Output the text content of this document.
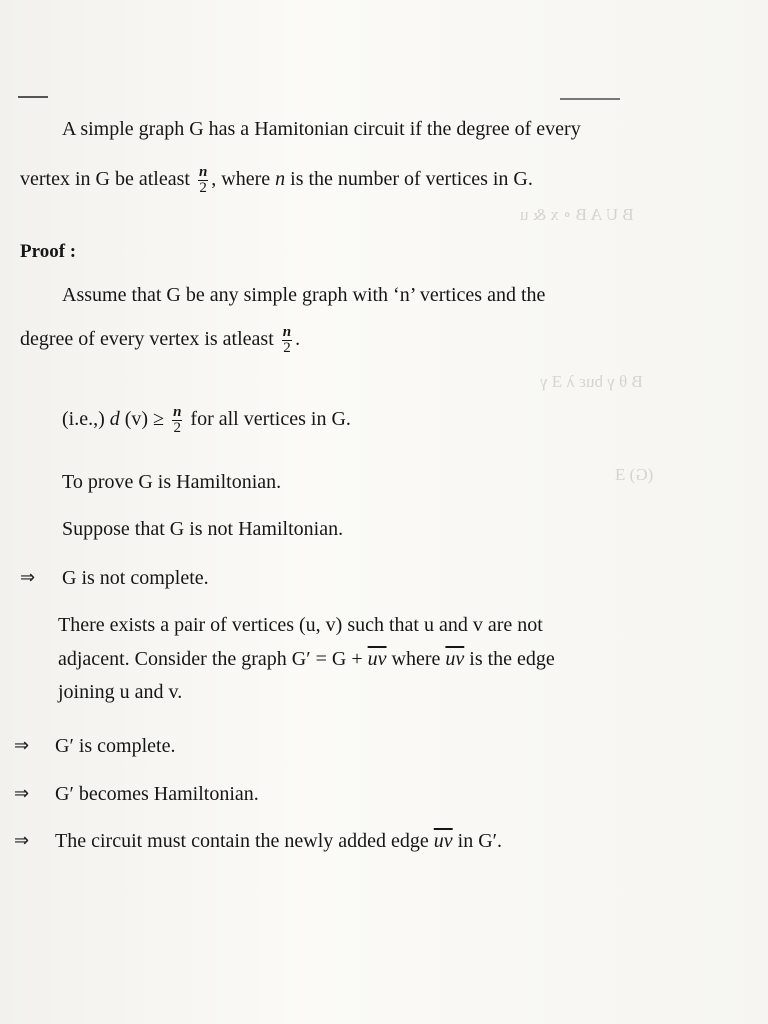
B U A B ∘ x & u
B θ γ buε λ Ǝ γ
(G) Ǝ
A simple graph G has a Hamitonian circuit if the degree of every
vertex in G be atleast $\frac{n}{2}$ , where n is the number of vertices in G.
Proof :
Assume that G be any simple graph with ‘n’ vertices and the
degree of every vertex is atleast $\frac{n}{2}$ .
(i.e.,) d $(v) \ge \frac{n}{2}$ for all vertices in G.
To prove G is Hamiltonian.
Suppose that G is not Hamiltonian.
⇒ G is not complete.
There exists a pair of vertices (u, v) such that u and v are not
adjacent. Consider the graph $G' = G + \overline{uv}$ where $\overline{uv}$ is the edge
joining u and v.
⇒ G′ is complete.
⇒ G′ becomes Hamiltonian.
⇒ The circuit must contain the newly added edge $\overline{uv}$ in G′.
